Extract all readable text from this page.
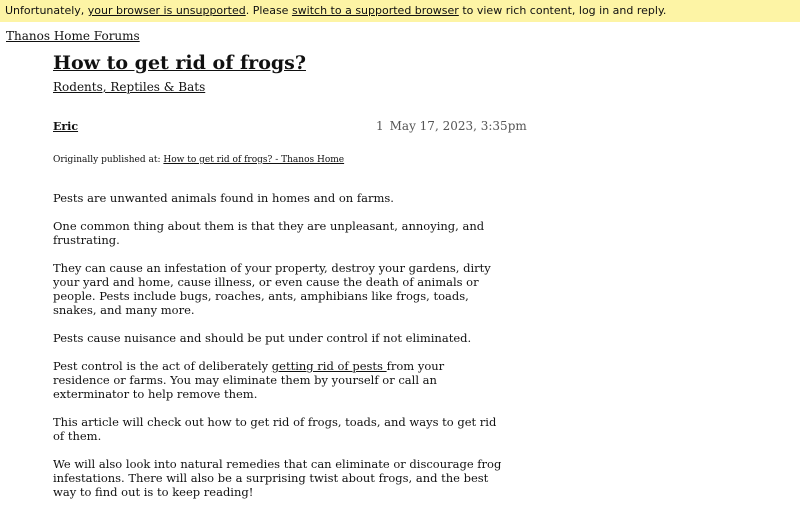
Unfortunately, your browser is unsupported. Please switch to a supported browser to view rich content, log in and reply.
Thanos Home Forums
How to get rid of frogs?
Rodents, Reptiles & Bats
Eric	1 May 17, 2023, 3:35pm
Originally published at: How to get rid of frogs? - Thanos Home

Pests are unwanted animals found in homes and on farms.

One common thing about them is that they are unpleasant, annoying, and frustrating.

They can cause an infestation of your property, destroy your gardens, dirty your yard and home, cause illness, or even cause the death of animals or people. Pests include bugs, roaches, ants, amphibians like frogs, toads, snakes, and many more.

Pests cause nuisance and should be put under control if not eliminated.

Pest control is the act of deliberately getting rid of pests from your residence or farms. You may eliminate them by yourself or call an exterminator to help remove them.

This article will check out how to get rid of frogs, toads, and ways to get rid of them.

We will also look into natural remedies that can eliminate or discourage frog infestations. There will also be a surprising twist about frogs, and the best way to find out is to keep reading!
